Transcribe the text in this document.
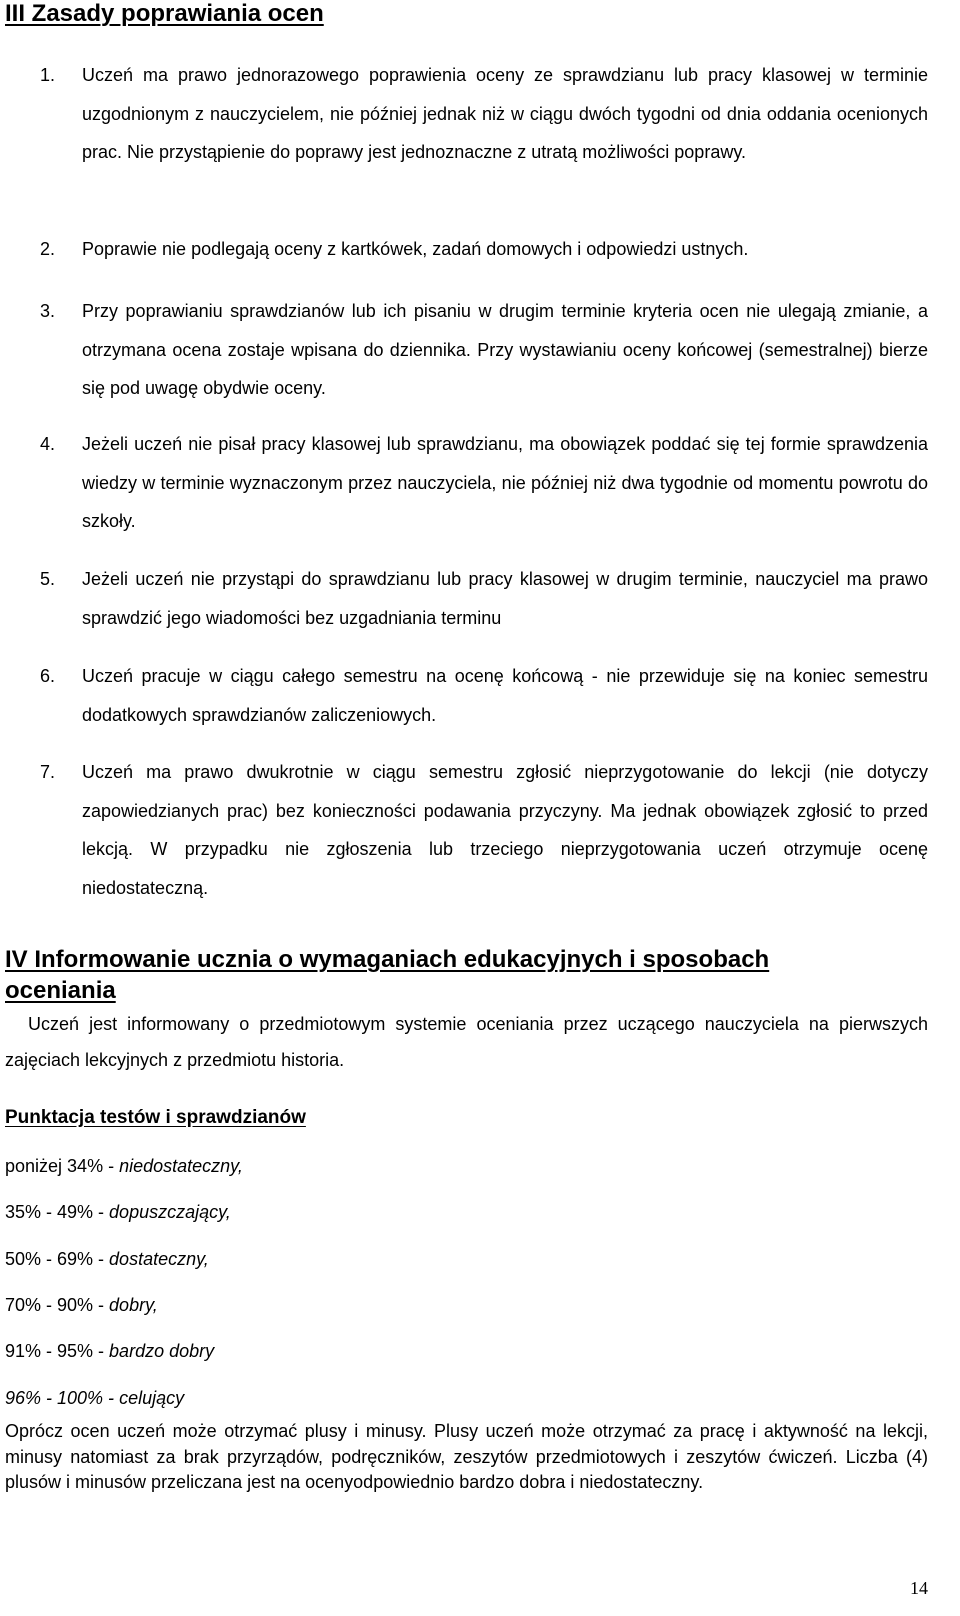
III Zasady poprawiania ocen
1. Uczeń ma prawo jednorazowego poprawienia oceny ze sprawdzianu lub pracy klasowej w terminie uzgodnionym z nauczycielem, nie później jednak niż w ciągu dwóch tygodni od dnia oddania ocenionych prac. Nie przystąpienie do poprawy jest jednoznaczne z utratą możliwości poprawy.
2. Poprawie nie podlegają oceny z kartkówek, zadań domowych i odpowiedzi ustnych.
3. Przy poprawianiu sprawdzianów lub ich pisaniu w drugim terminie kryteria ocen nie ulegają zmianie, a otrzymana ocena zostaje wpisana do dziennika. Przy wystawianiu oceny końcowej (semestralnej) bierze się pod uwagę obydwie oceny.
4. Jeżeli uczeń nie pisał pracy klasowej lub sprawdzianu, ma obowiązek poddać się tej formie sprawdzenia wiedzy w terminie wyznaczonym przez nauczyciela, nie później niż dwa tygodnie od momentu powrotu do szkoły.
5. Jeżeli uczeń nie przystąpi do sprawdzianu lub pracy klasowej w drugim terminie, nauczyciel ma prawo sprawdzić jego wiadomości bez uzgadniania terminu
6. Uczeń pracuje w ciągu całego semestru na ocenę końcową - nie przewiduje się na koniec semestru dodatkowych sprawdzianów zaliczeniowych.
7. Uczeń ma prawo dwukrotnie w ciągu semestru zgłosić nieprzygotowanie do lekcji (nie dotyczy zapowiedzianych prac) bez konieczności podawania przyczyny. Ma jednak obowiązek zgłosić to przed lekcją. W przypadku nie zgłoszenia lub trzeciego nieprzygotowania uczeń otrzymuje ocenę niedostateczną.
IV Informowanie ucznia o wymaganiach edukacyjnych i sposobach oceniania

Uczeń jest informowany o przedmiotowym systemie oceniania przez uczącego nauczyciela na pierwszych zajęciach lekcyjnych z przedmiotu historia.

Punktacja testów i sprawdzianów
poniżej 34% - niedostateczny,
35% - 49% - dopuszczający,
50% - 69% - dostateczny,
70% - 90% - dobry,
91% - 95% - bardzo dobry
96% - 100% - celujący

Oprócz ocen uczeń może otrzymać plusy i minusy. Plusy uczeń może otrzymać za pracę i aktywność na lekcji, minusy natomiast za brak przyrządów, podręczników, zeszytów przedmiotowych i zeszytów ćwiczeń. Liczba (4) plusów i minusów przeliczana jest na ocenyodpowiednio bardzo dobra i niedostateczny.

14
